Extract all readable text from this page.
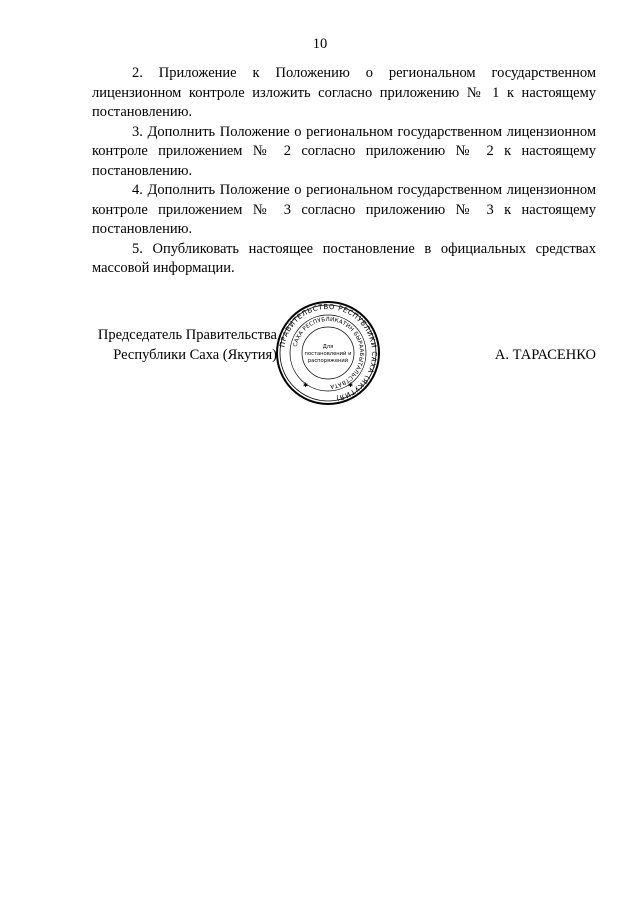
10

2. Приложение к Положению о региональном государственном лицензионном контроле изложить согласно приложению № 1 к настоящему постановлению.

3. Дополнить Положение о региональном государственном лицензионном контроле приложением № 2 согласно приложению № 2 к настоящему постановлению.

4. Дополнить Положение о региональном государственном лицензионном контроле приложением № 3 согласно приложению № 3 к настоящему постановлению.

5. Опубликовать настоящее постановление в официальных средствах массовой информации.

Председатель Правительства
Республики Саха (Якутия)
ПРАВИТЕЛЬСТВО РЕСПУБЛИКИ САХА (ЯКУТИЯ)
САХА РЕСПУБЛИКАТИН БЫРААБЫТАЛЬСТВАТА
Для
постановлений и
распоряжений
✱	✱
А. ТАРАСЕНКО
